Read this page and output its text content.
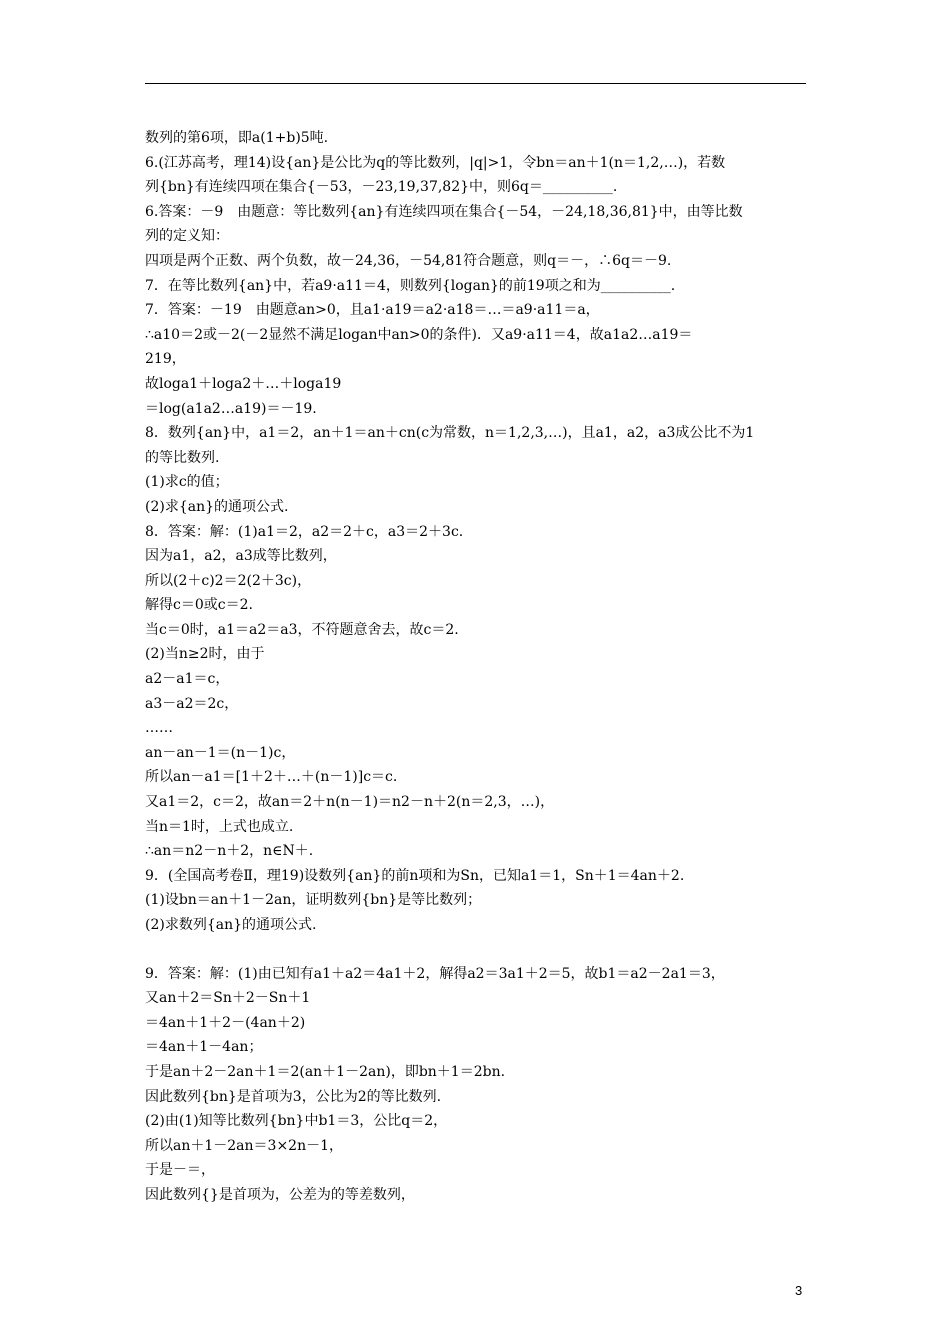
数列的第6项，即a(1+b)5吨.
6.(江苏高考，理14)设{an}是公比为q的等比数列，|q|>1，令bn＝an＋1(n＝1,2,…)，若数
列{bn}有连续四项在集合{－53，－23,19,37,82}中，则6q＝__________.
6.答案：－9　由题意：等比数列{an}有连续四项在集合{－54，－24,18,36,81}中，由等比数
列的定义知：
四项是两个正数、两个负数，故－24,36，－54,81符合题意，则q＝－，∴6q＝－9.
7．在等比数列{an}中，若a9·a11＝4，则数列{logan}的前19项之和为__________.
7．答案：－19　由题意an>0，且a1·a19＝a2·a18＝…＝a9·a11＝a，
∴a10＝2或－2(－2显然不满足logan中an>0的条件)．又a9·a11＝4，故a1a2…a19＝
219，
故loga1＋loga2＋…＋loga19
＝log(a1a2…a19)＝－19.
8．数列{an}中，a1＝2，an＋1＝an＋cn(c为常数，n＝1,2,3,…)，且a1，a2，a3成公比不为1
的等比数列.
(1)求c的值；
(2)求{an}的通项公式.
8．答案：解：(1)a1＝2，a2＝2＋c，a3＝2＋3c.
因为a1，a2，a3成等比数列，
所以(2＋c)2＝2(2＋3c)，
解得c＝0或c＝2.
当c＝0时，a1＝a2＝a3，不符题意舍去，故c＝2.
(2)当n≥2时，由于
a2－a1＝c，
a3－a2＝2c，
……
an－an－1＝(n－1)c，
所以an－a1＝[1＋2＋…＋(n－1)]c＝c.
又a1＝2，c＝2，故an＝2＋n(n－1)＝n2－n＋2(n＝2,3，…)，
当n＝1时，上式也成立.
∴an＝n2－n＋2，n∈N＋.
9．(全国高考卷Ⅱ，理19)设数列{an}的前n项和为Sn，已知a1＝1，Sn＋1＝4an＋2.
(1)设bn＝an＋1－2an，证明数列{bn}是等比数列；
(2)求数列{an}的通项公式.
9．答案：解：(1)由已知有a1＋a2＝4a1＋2，解得a2＝3a1＋2＝5，故b1＝a2－2a1＝3，
又an＋2＝Sn＋2－Sn＋1
＝4an＋1＋2－(4an＋2)
＝4an＋1－4an；
于是an＋2－2an＋1＝2(an＋1－2an)，即bn＋1＝2bn.
因此数列{bn}是首项为3，公比为2的等比数列.
(2)由(1)知等比数列{bn}中b1＝3，公比q＝2，
所以an＋1－2an＝3×2n－1，
于是－＝，
因此数列{}是首项为，公差为的等差数列，
3
